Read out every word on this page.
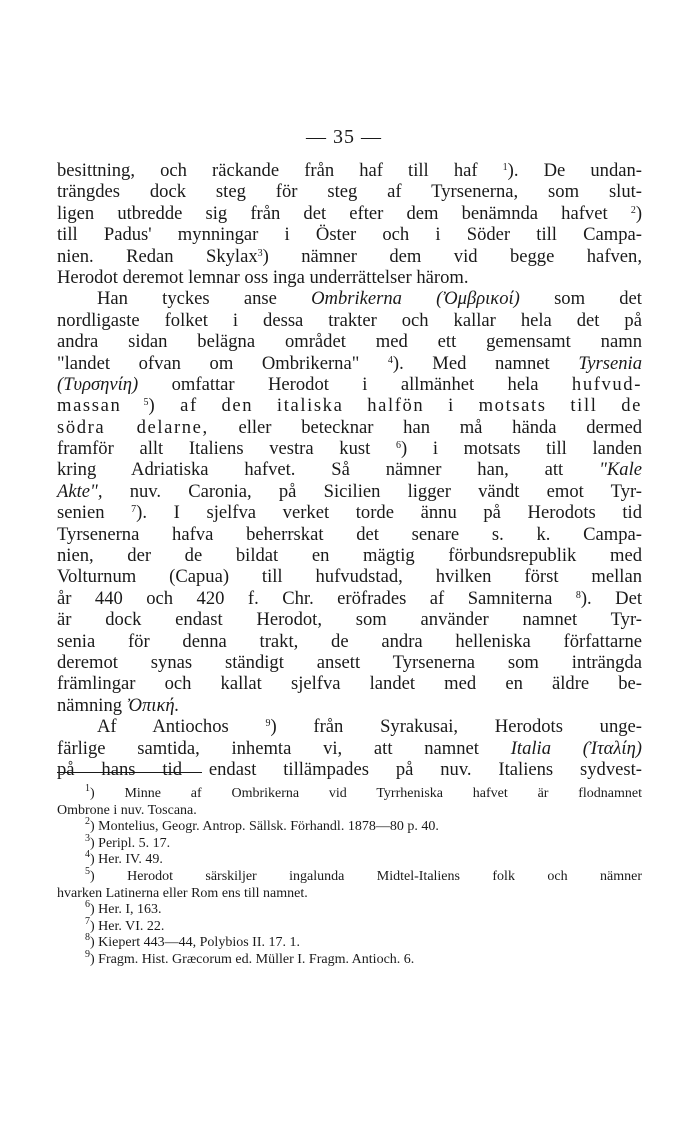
— 35 —
besittning, och räckande från haf till haf	$^1$). De undan-
trängdes dock steg för steg af Tyrsenerna, som slut-
ligen utbredde sig från det efter dem benämnda hafvet $^2$)
till Padus' mynningar i Öster och i Söder till Campa-
nien. Redan Skylax$^3$) nämner dem vid begge hafven,
Herodot deremot lemnar oss inga underrättelser härom.
Han tyckes anse Ombrikerna (Ὀμβρικοί) som det
nordligaste folket i dessa trakter och kallar hela det på
andra sidan belägna området med ett gemensamt namn
"landet ofvan om Ombrikerna"	$^4$). Med namnet Tyrsenia
(Τυρσηνίη) omfattar Herodot i allmänhet hela hufvud-
massan $^5$) af den italiska halfön i motsats till de
södra delarne, eller betecknar han må hända dermed
framför allt Italiens vestra kust	$^6$) i motsats till landen
kring Adriatiska hafvet. Så nämner han, att "Kale
Akte", nuv. Caronia, på Sicilien ligger vändt emot Tyr-
senien	$^7$). I sjelfva verket torde ännu på Herodots tid
Tyrsenerna hafva beherrskat det senare s. k. Campa-
nien, der de bildat en mägtig förbundsrepublik med
Volturnum (Capua) till hufvudstad, hvilken först mellan
år 440 och 420 f. Chr. eröfrades af Samniterna $^8$). Det
är dock endast Herodot, som använder namnet Tyr-
senia för denna trakt, de andra helleniska författarne
deremot synas ständigt ansett Tyrsenerna som inträngda
främlingar och kallat sjelfva landet med en äldre be-
nämning Ὀπική.
Af Antiochos	$^9$) från Syrakusai, Herodots unge-
färlige samtida, inhemta vi, att namnet Italia (Ἰταλίη)
på hans tid endast tillämpades på nuv. Italiens sydvest-
$^1$) Minne af Ombrikerna vid Tyrrheniska hafvet är flodnamnet
Ombrone i nuv. Toscana.
$^2$) Montelius, Geogr. Antrop. Sällsk. Förhandl. 1878—80 p. 40.
$^3$) Peripl. 5. 17.
$^4$) Her. IV. 49.
$^5$) Herodot särskiljer ingalunda Midtel-Italiens folk och nämner
hvarken Latinerna eller Rom ens till namnet.
$^6$) Her. I, 163.
$^7$) Her. VI. 22.
$^8$) Kiepert 443—44, Polybios II. 17. 1.
$^9$) Fragm. Hist. Græcorum ed. Müller I. Fragm. Antioch. 6.
